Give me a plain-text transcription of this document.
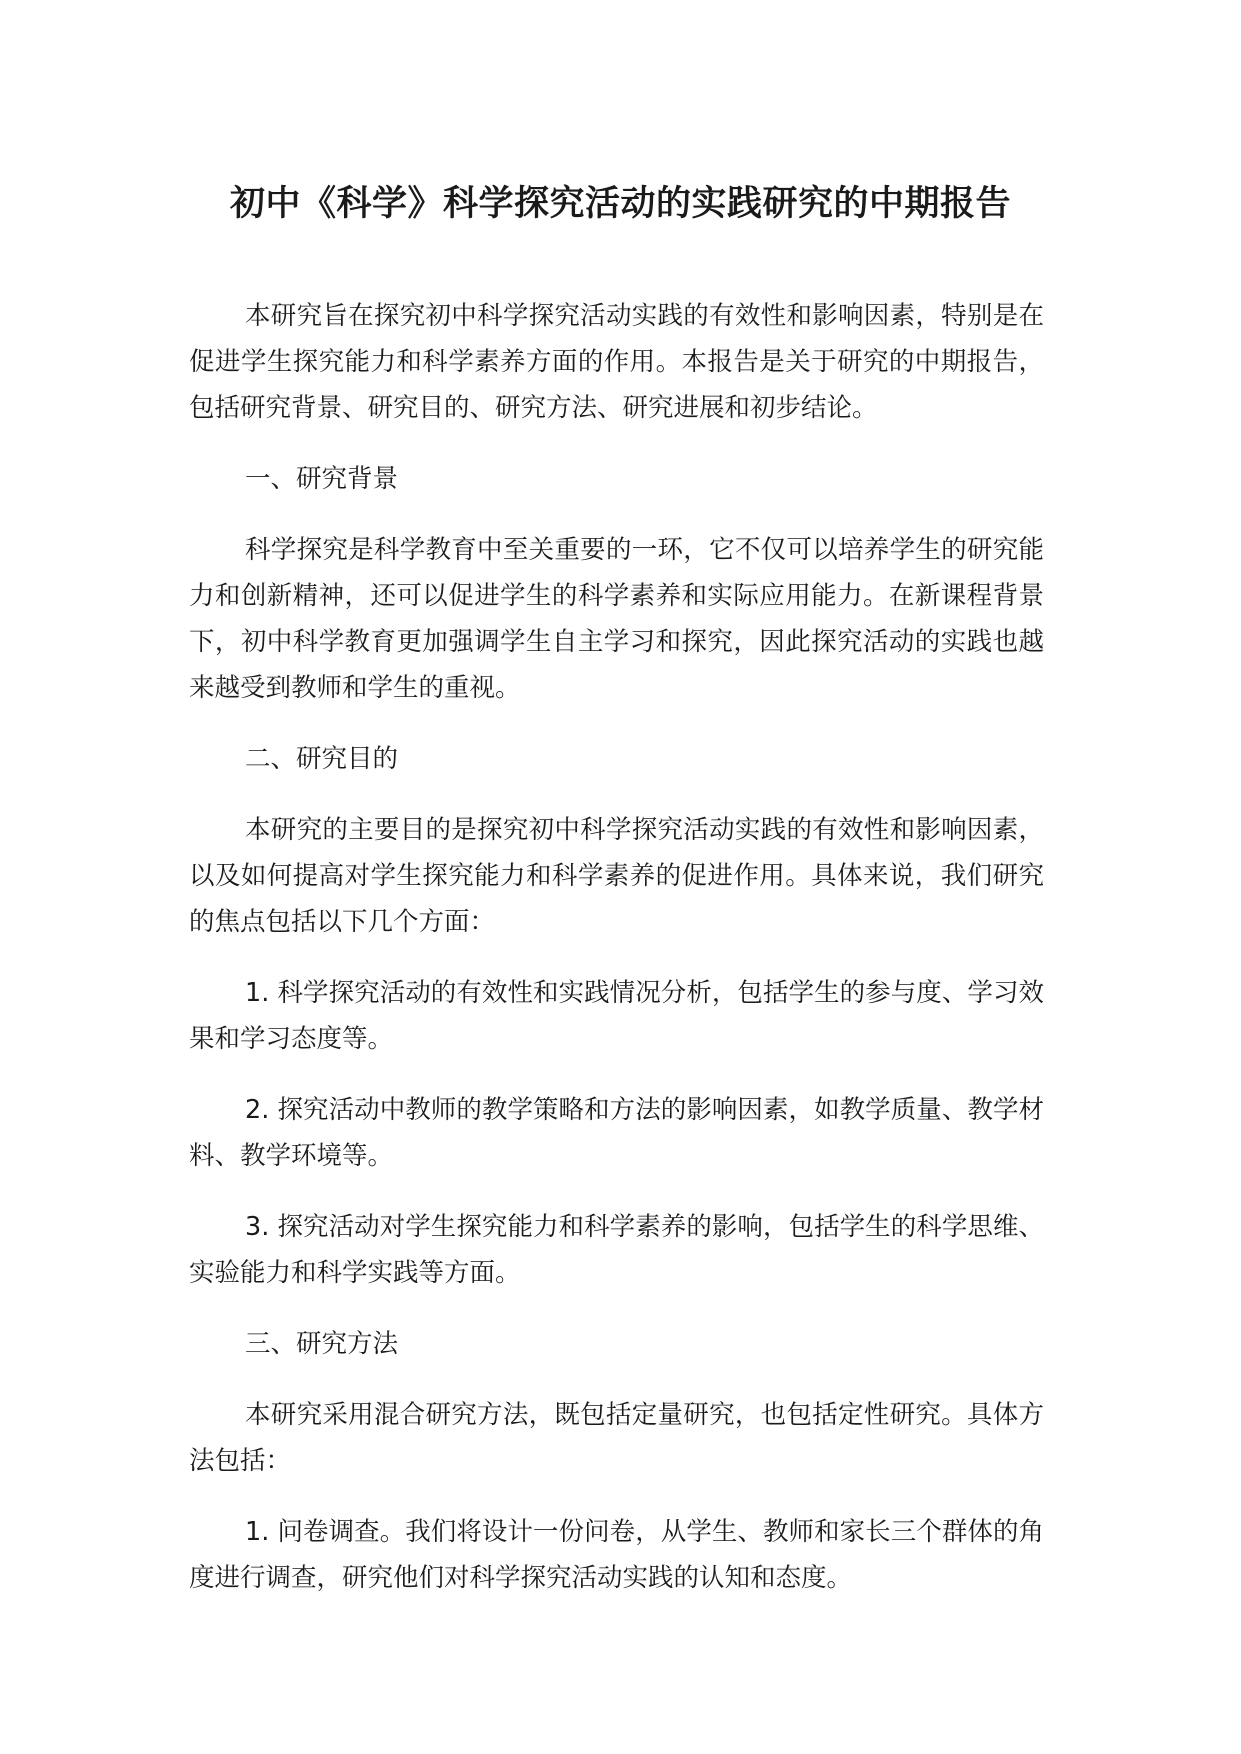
初中《科学》科学探究活动的实践研究的中期报告

本研究旨在探究初中科学探究活动实践的有效性和影响因素，特别是在促进学生探究能力和科学素养方面的作用。本报告是关于研究的中期报告，包括研究背景、研究目的、研究方法、研究进展和初步结论。

一、研究背景

科学探究是科学教育中至关重要的一环，它不仅可以培养学生的研究能力和创新精神，还可以促进学生的科学素养和实际应用能力。在新课程背景下，初中科学教育更加强调学生自主学习和探究，因此探究活动的实践也越来越受到教师和学生的重视。

二、研究目的

本研究的主要目的是探究初中科学探究活动实践的有效性和影响因素，以及如何提高对学生探究能力和科学素养的促进作用。具体来说，我们研究的焦点包括以下几个方面：

1. 科学探究活动的有效性和实践情况分析，包括学生的参与度、学习效果和学习态度等。

2. 探究活动中教师的教学策略和方法的影响因素，如教学质量、教学材料、教学环境等。

3. 探究活动对学生探究能力和科学素养的影响，包括学生的科学思维、实验能力和科学实践等方面。

三、研究方法

本研究采用混合研究方法，既包括定量研究，也包括定性研究。具体方法包括：

1. 问卷调查。我们将设计一份问卷，从学生、教师和家长三个群体的角度进行调查，研究他们对科学探究活动实践的认知和态度。
